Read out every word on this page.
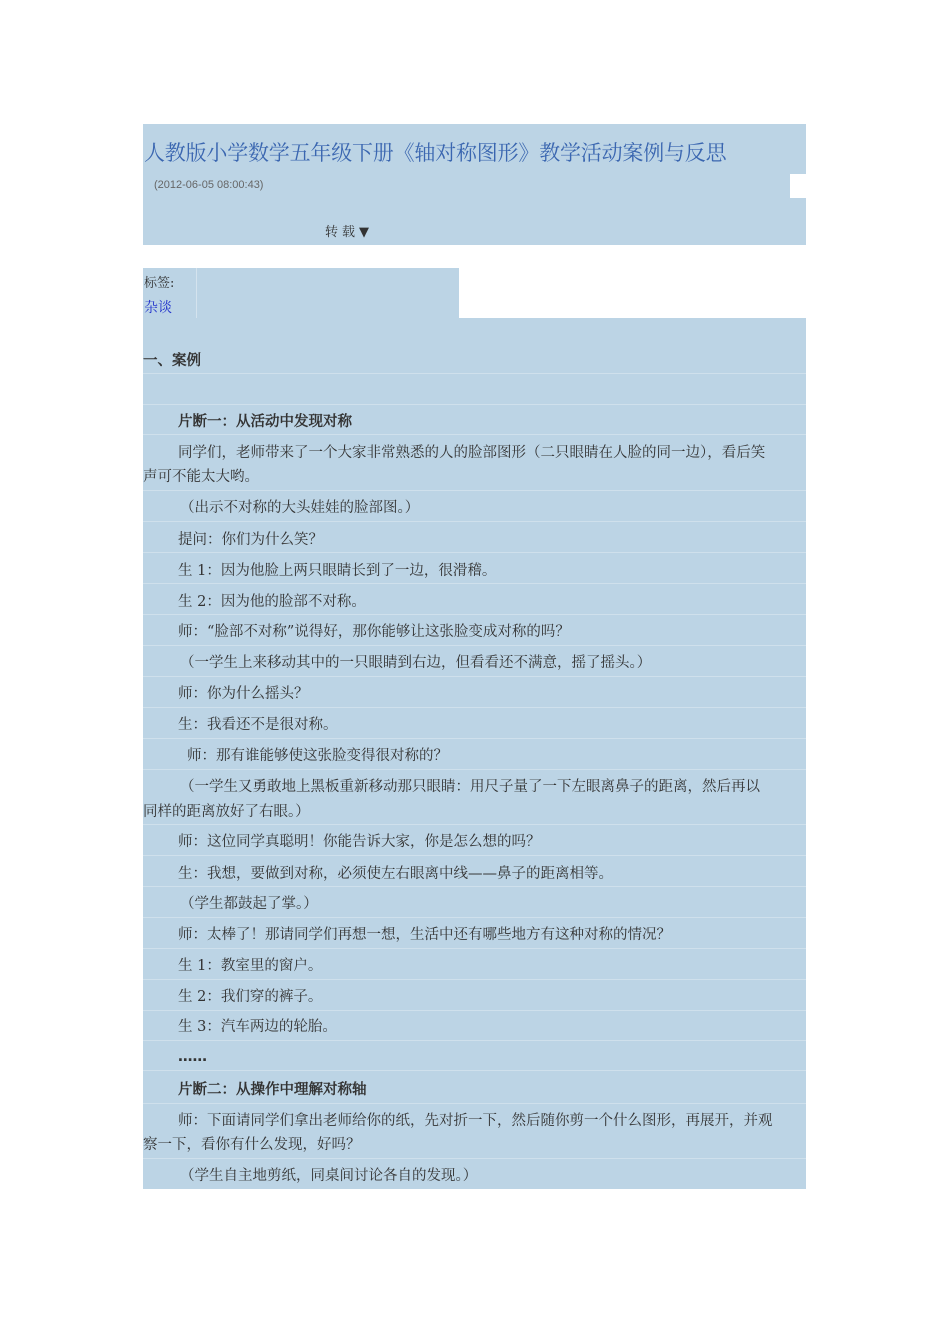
人教版小学数学五年级下册《轴对称图形》教学活动案例与反思
(2012-06-05 08:00:43)
转载▼
标签:
杂谈
一、案例
片断一：从活动中发现对称
同学们，老师带来了一个大家非常熟悉的人的脸部图形（二只眼睛在人脸的同一边），看后笑
声可不能太大哟。
（出示不对称的大头娃娃的脸部图。）
提问：你们为什么笑？
生 1：因为他脸上两只眼睛长到了一边，很滑稽。
生 2：因为他的脸部不对称。
师：“脸部不对称”说得好，那你能够让这张脸变成对称的吗？
（一学生上来移动其中的一只眼睛到右边，但看看还不满意，摇了摇头。）
师：你为什么摇头？
生：我看还不是很对称。
师：那有谁能够使这张脸变得很对称的？
（一学生又勇敢地上黑板重新移动那只眼睛：用尺子量了一下左眼离鼻子的距离，然后再以
同样的距离放好了右眼。）
师：这位同学真聪明！你能告诉大家，你是怎么想的吗？
生：我想，要做到对称，必须使左右眼离中线——鼻子的距离相等。
（学生都鼓起了掌。）
师：太棒了！那请同学们再想一想，生活中还有哪些地方有这种对称的情况？
生 1：教室里的窗户。
生 2：我们穿的裤子。
生 3：汽车两边的轮胎。
……
片断二：从操作中理解对称轴
师：下面请同学们拿出老师给你的纸，先对折一下，然后随你剪一个什么图形，再展开，并观
察一下，看你有什么发现，好吗？
（学生自主地剪纸，同桌间讨论各自的发现。）
